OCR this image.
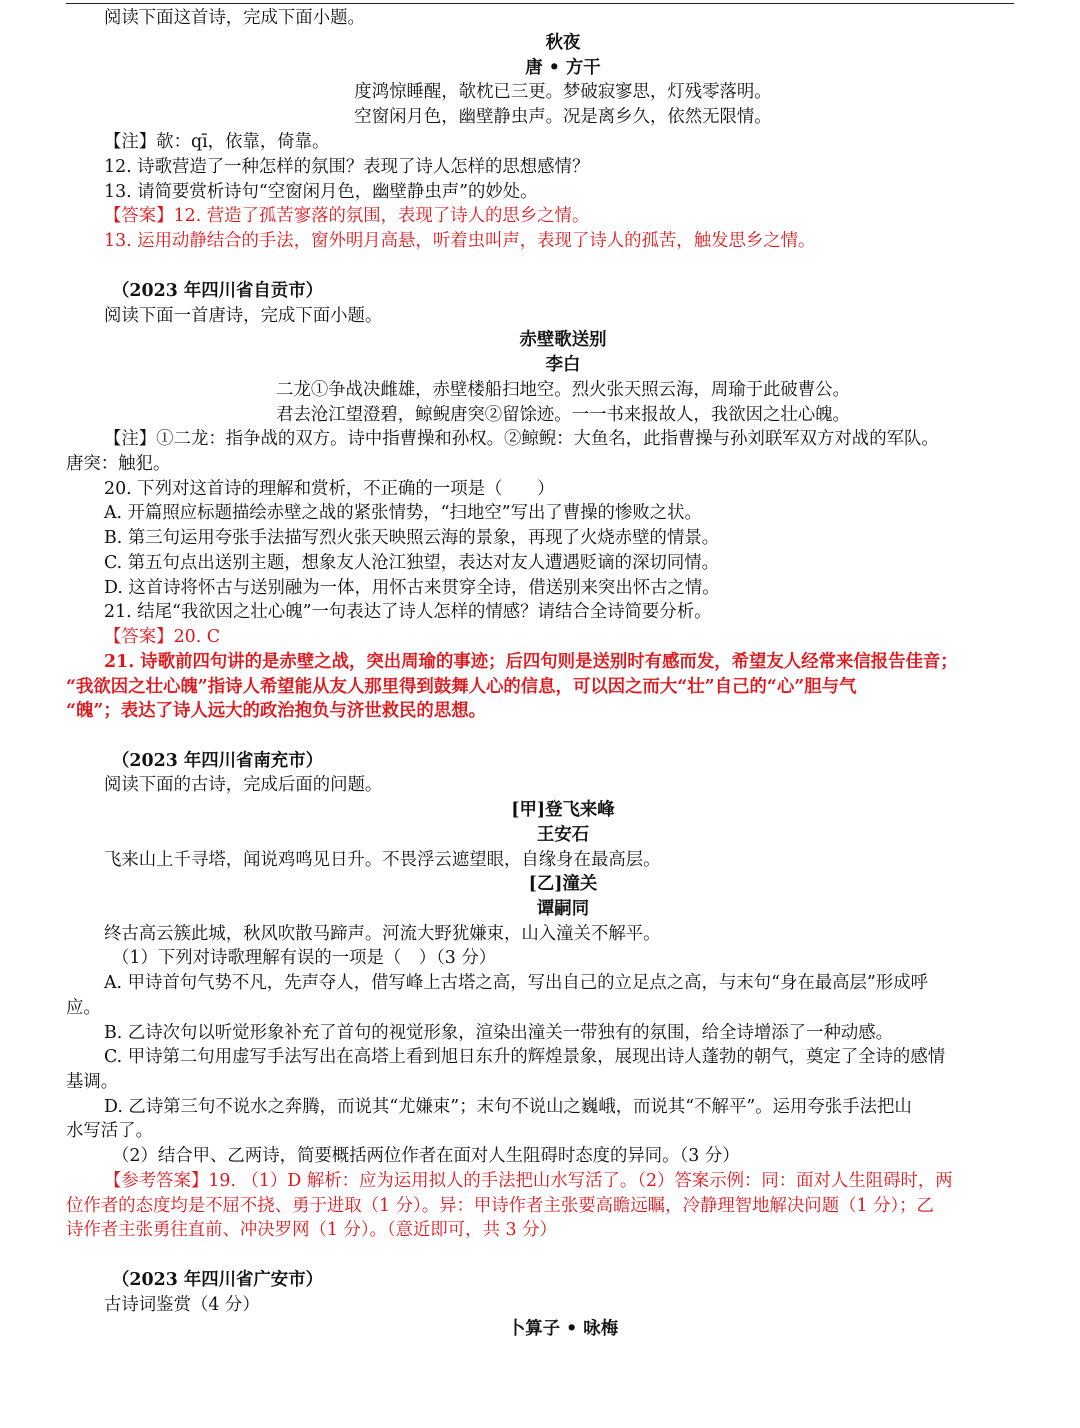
阅读下面这首诗，完成下面小题。
秋夜
唐 • 方干
度鸿惊睡醒，欹枕已三更。梦破寂寥思，灯残零落明。
空窗闲月色，幽壁静虫声。况是离乡久，依然无限情。
【注】欹：qī，依靠，倚靠。
12. 诗歌营造了一种怎样的氛围？表现了诗人怎样的思想感情？
13. 请简要赏析诗句“空窗闲月色，幽壁静虫声”的妙处。
【答案】12. 营造了孤苦寥落的氛围，表现了诗人的思乡之情。
13. 运用动静结合的手法，窗外明月高悬，听着虫叫声，表现了诗人的孤苦，触发思乡之情。
（2023 年四川省自贡市）
阅读下面一首唐诗，完成下面小题。
赤壁歌送别
李白
二龙①争战决雌雄，赤壁楼船扫地空。烈火张天照云海，周瑜于此破曹公。
君去沧江望澄碧，鲸鲵唐突②留馀迹。一一书来报故人，我欲因之壮心魄。
【注】①二龙：指争战的双方。诗中指曹操和孙权。②鲸鲵：大鱼名，此指曹操与孙刘联军双方对战的军队。
唐突：触犯。
20. 下列对这首诗的理解和赏析，不正确的一项是（　　）
A. 开篇照应标题描绘赤壁之战的紧张情势，“扫地空”写出了曹操的惨败之状。
B. 第三句运用夸张手法描写烈火张天映照云海的景象，再现了火烧赤壁的情景。
C. 第五句点出送别主题，想象友人沧江独望，表达对友人遭遇贬谪的深切同情。
D. 这首诗将怀古与送别融为一体，用怀古来贯穿全诗，借送别来突出怀古之情。
21. 结尾“我欲因之壮心魄”一句表达了诗人怎样的情感？请结合全诗简要分析。
【答案】20. C
21. 诗歌前四句讲的是赤壁之战，突出周瑜的事迹；后四句则是送别时有感而发，希望友人经常来信报告佳音；
“我欲因之壮心魄”指诗人希望能从友人那里得到鼓舞人心的信息，可以因之而大“壮”自己的“心”胆与气
“魄”；表达了诗人远大的政治抱负与济世救民的思想。
（2023 年四川省南充市）
阅读下面的古诗，完成后面的问题。
[甲]登飞来峰
王安石
飞来山上千寻塔，闻说鸡鸣见日升。不畏浮云遮望眼，自缘身在最高层。
[乙]潼关
谭嗣同
终古高云簇此城，秋风吹散马蹄声。河流大野犹嫌束，山入潼关不解平。
（1）下列对诗歌理解有误的一项是（　）（3 分）
A. 甲诗首句气势不凡，先声夺人，借写峰上古塔之高，写出自己的立足点之高，与末句“身在最高层”形成呼
应。
B. 乙诗次句以听觉形象补充了首句的视觉形象，渲染出潼关一带独有的氛围，给全诗增添了一种动感。
C. 甲诗第二句用虚写手法写出在高塔上看到旭日东升的辉煌景象，展现出诗人蓬勃的朝气，奠定了全诗的感情
基调。
D. 乙诗第三句不说水之奔腾，而说其“尤嫌束”；末句不说山之巍峨，而说其“不解平”。运用夸张手法把山
水写活了。
（2）结合甲、乙两诗，简要概括两位作者在面对人生阻碍时态度的异同。（3 分）
【参考答案】19. （1）D 解析：应为运用拟人的手法把山水写活了。（2）答案示例：同：面对人生阻碍时，两
位作者的态度均是不屈不挠、勇于进取（1 分）。异：甲诗作者主张要高瞻远瞩，冷静理智地解决问题（1 分）；乙
诗作者主张勇往直前、冲决罗网（1 分）。（意近即可，共 3 分）
（2023 年四川省广安市）
古诗词鉴赏（4 分）
卜算子 • 咏梅
